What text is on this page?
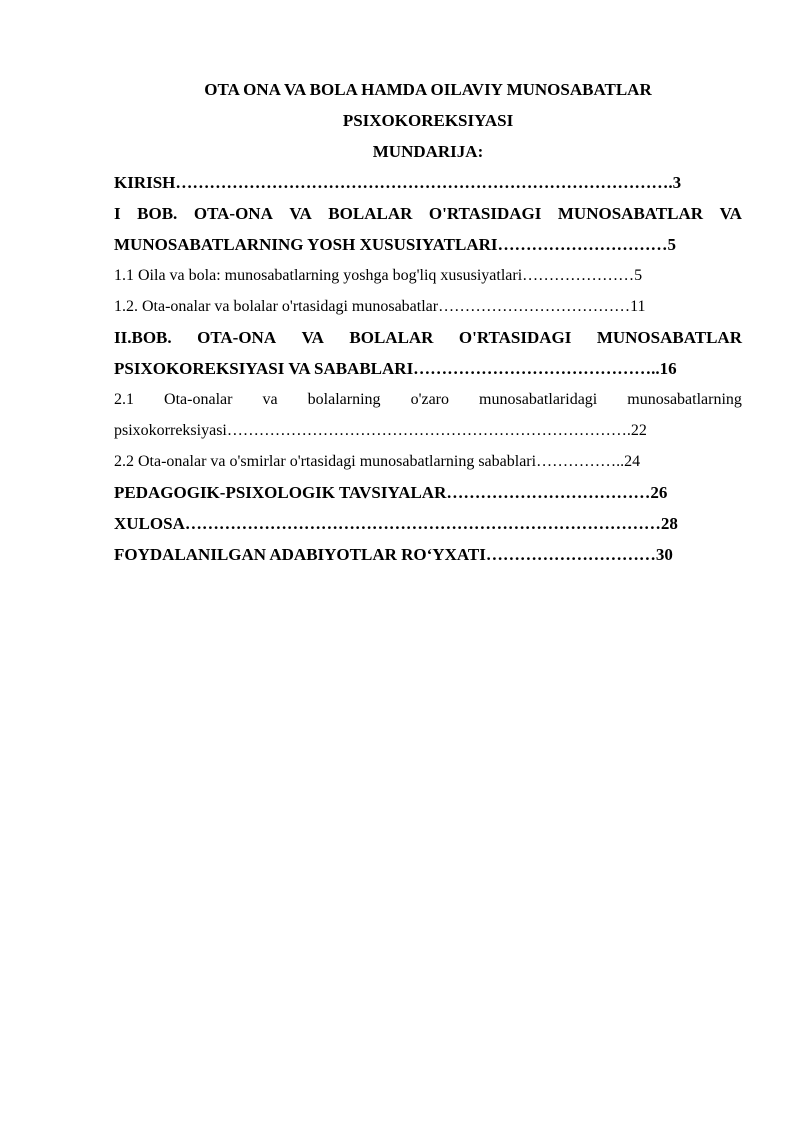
OTA ONA VA BOLA HAMDA OILAVIY MUNOSABATLAR

PSIXOKOREKSIYASI

MUNDARIJA:

KIRISH…………………………………………………………………………….3
I BOB. OTA-ONA VA BOLALAR O'RTASIDAGI MUNOSABATLAR VA
MUNOSABATLARNING YOSH XUSUSIYATLARI…………………………5
1.1 Oila va bola: munosabatlarning yoshga bog'liq xususiyatlari…………………5
1.2. Ota-onalar va bolalar o'rtasidagi munosabatlar………………………………11
II.BOB. OTA-ONA VA BOLALAR O'RTASIDAGI MUNOSABATLAR
PSIXOKOREKSIYASI VA SABABLARI……………………………………..16
2.1 Ota-onalar va bolalarning o'zaro munosabatlaridagi munosabatlarning
psixokorreksiyasi………………………………………………………………….22
2.2 Ota-onalar va o'smirlar o'rtasidagi munosabatlarning sabablari……………..24
PEDAGOGIK-PSIXOLOGIK TAVSIYALAR………………………………26
XULOSA…………………………………………………………………………28
FOYDALANILGAN ADABIYOTLAR RO‘YXATI…………………………30
